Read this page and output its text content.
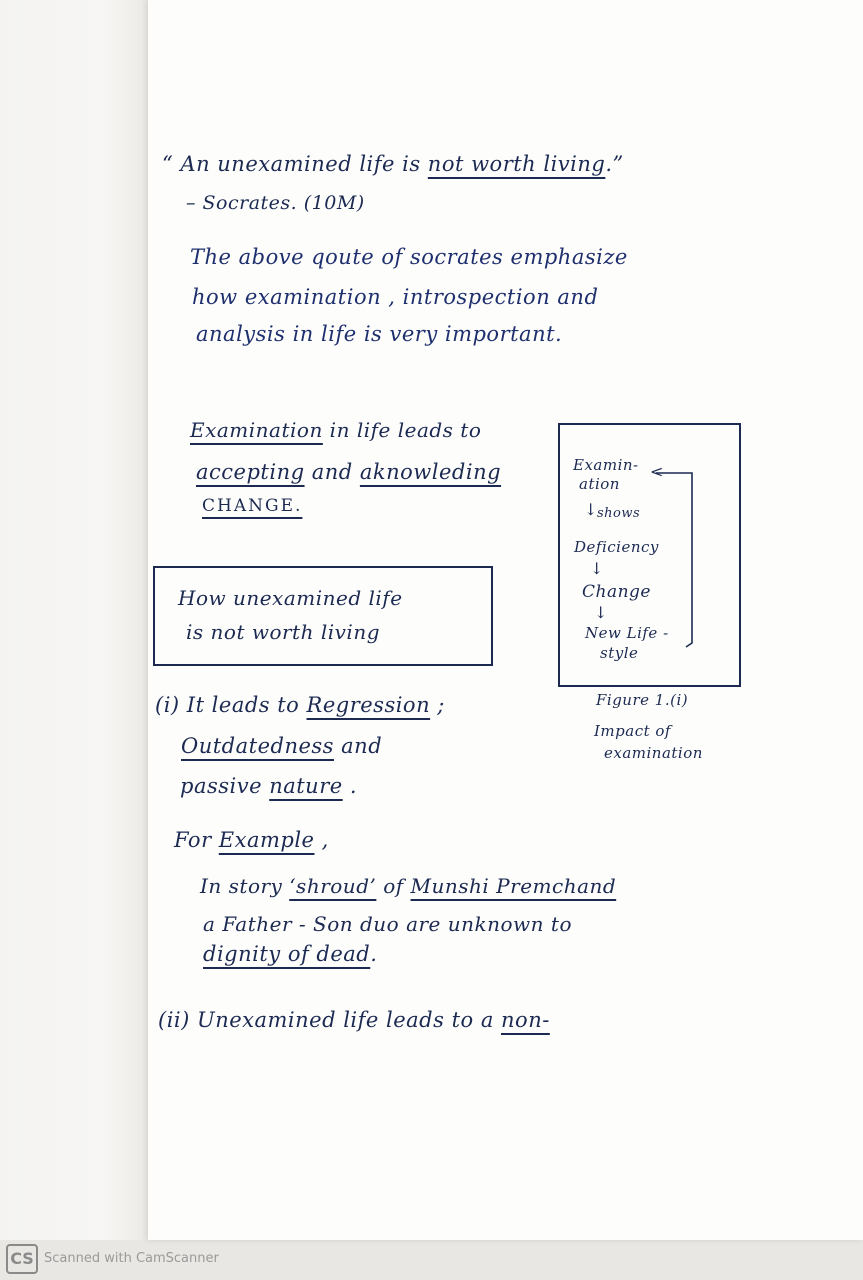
“ An unexamined life is not worth living.”
– Socrates. (10M)
The above qoute of socrates emphasize
how examination , introspection and
analysis in life is very important.
Examination in life leads to
accepting and aknowleding
CHANGE.
How unexamined life
is not worth living
Examin-
ation
<
↓ shows
Deficiency
↓
Change
↓
New Life -
style
Figure 1.(i)
Impact of
examination
(i) It leads to Regression ;
Outdatedness and
passive nature .
For Example ,
In story ‘shroud’ of Munshi Premchand
a Father - Son duo are unknown to
dignity of dead.
(ii) Unexamined life leads to a non-
CS Scanned with CamScanner
